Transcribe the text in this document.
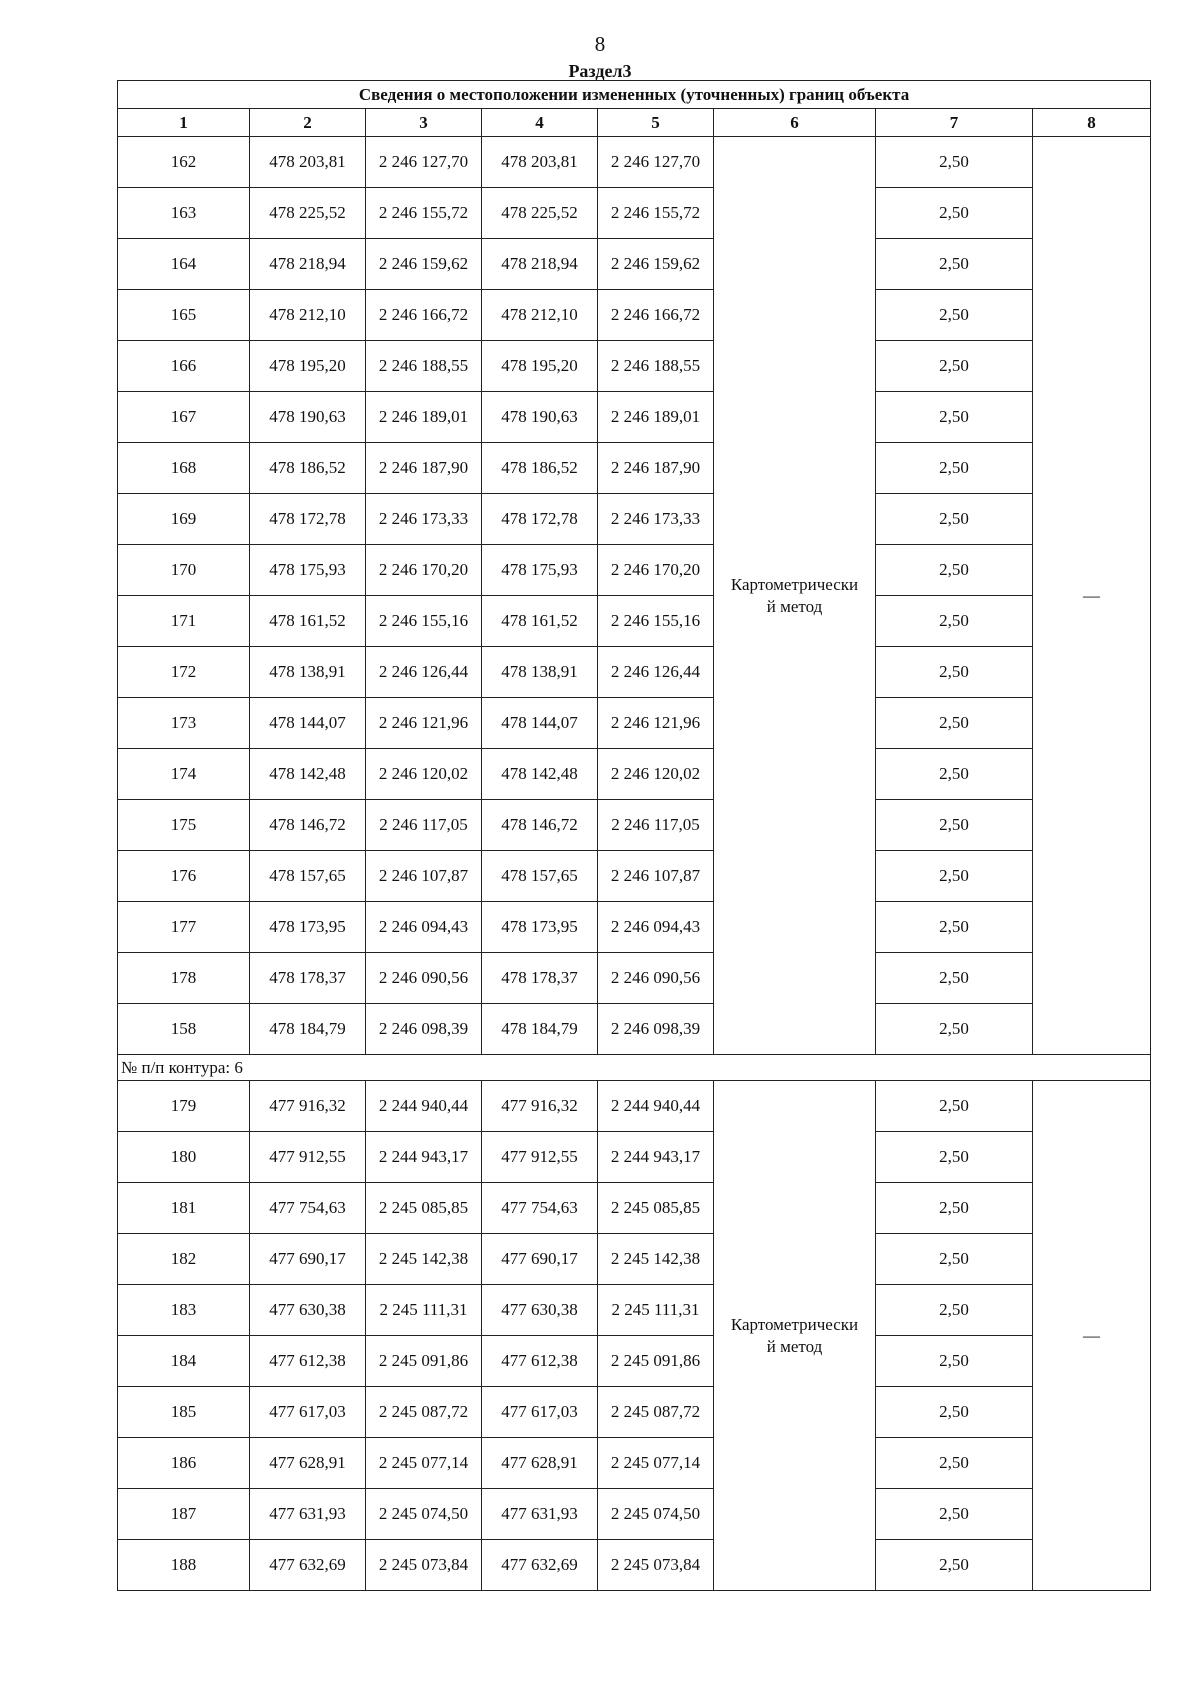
8
Раздел3
Сведения о местоположении измененных (уточненных) границ объекта							
1	2	3	4	5	6	7	8
162	478 203,81	2 246 127,70	478 203,81	2 246 127,70	Картометрически
й метод	2,50	—
163	478 225,52	2 246 155,72	478 225,52	2 246 155,72		2,50	
164	478 218,94	2 246 159,62	478 218,94	2 246 159,62		2,50	
165	478 212,10	2 246 166,72	478 212,10	2 246 166,72		2,50	
166	478 195,20	2 246 188,55	478 195,20	2 246 188,55		2,50	
167	478 190,63	2 246 189,01	478 190,63	2 246 189,01		2,50	
168	478 186,52	2 246 187,90	478 186,52	2 246 187,90		2,50	
169	478 172,78	2 246 173,33	478 172,78	2 246 173,33		2,50	
170	478 175,93	2 246 170,20	478 175,93	2 246 170,20		2,50	
171	478 161,52	2 246 155,16	478 161,52	2 246 155,16		2,50	
172	478 138,91	2 246 126,44	478 138,91	2 246 126,44		2,50	
173	478 144,07	2 246 121,96	478 144,07	2 246 121,96		2,50	
174	478 142,48	2 246 120,02	478 142,48	2 246 120,02		2,50	
175	478 146,72	2 246 117,05	478 146,72	2 246 117,05		2,50	
176	478 157,65	2 246 107,87	478 157,65	2 246 107,87		2,50	
177	478 173,95	2 246 094,43	478 173,95	2 246 094,43		2,50	
178	478 178,37	2 246 090,56	478 178,37	2 246 090,56		2,50	
158	478 184,79	2 246 098,39	478 184,79	2 246 098,39		2,50	
№ п/п контура: 6							
179	477 916,32	2 244 940,44	477 916,32	2 244 940,44	Картометрически
й метод	2,50	—
180	477 912,55	2 244 943,17	477 912,55	2 244 943,17		2,50	
181	477 754,63	2 245 085,85	477 754,63	2 245 085,85		2,50	
182	477 690,17	2 245 142,38	477 690,17	2 245 142,38		2,50	
183	477 630,38	2 245 111,31	477 630,38	2 245 111,31		2,50	
184	477 612,38	2 245 091,86	477 612,38	2 245 091,86		2,50	
185	477 617,03	2 245 087,72	477 617,03	2 245 087,72		2,50	
186	477 628,91	2 245 077,14	477 628,91	2 245 077,14		2,50	
187	477 631,93	2 245 074,50	477 631,93	2 245 074,50		2,50	
188	477 632,69	2 245 073,84	477 632,69	2 245 073,84		2,50	
